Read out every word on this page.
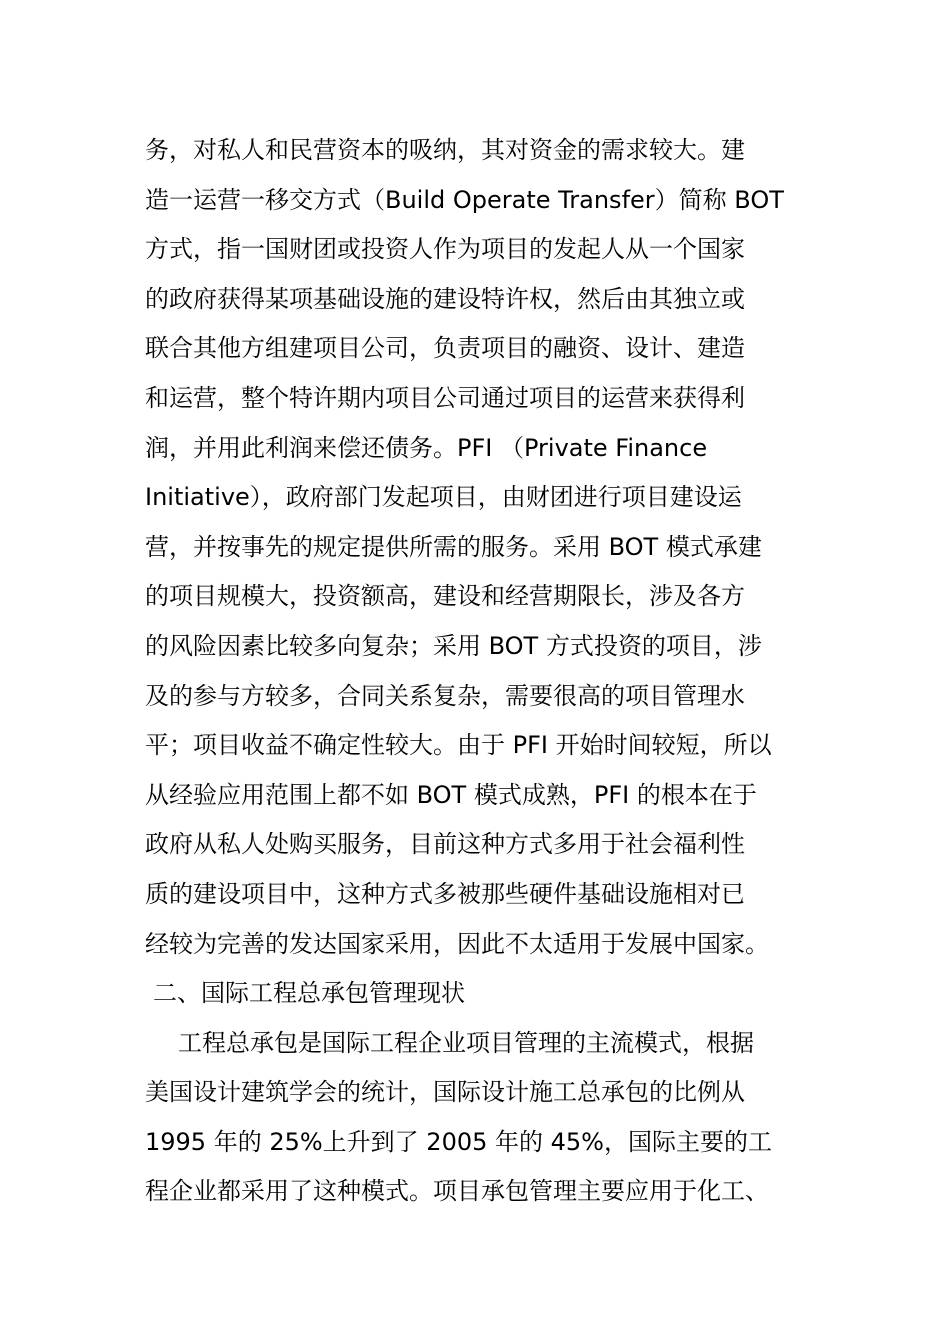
务，对私人和民营资本的吸纳，其对资金的需求较大。建
造一运营一移交方式（Build Operate Transfer）简称 BOT
方式，指一国财团或投资人作为项目的发起人从一个国家
的政府获得某项基础设施的建设特许权，然后由其独立或
联合其他方组建项目公司，负责项目的融资、设计、建造
和运营，整个特许期内项目公司通过项目的运营来获得利
润，并用此利润来偿还债务。PFI （Private Finance
Initiative），政府部门发起项目，由财团进行项目建设运
营，并按事先的规定提供所需的服务。采用 BOT 模式承建
的项目规模大，投资额高，建设和经营期限长，涉及各方
的风险因素比较多向复杂；采用 BOT 方式投资的项目，涉
及的参与方较多，合同关系复杂，需要很高的项目管理水
平；项目收益不确定性较大。由于 PFI 开始时间较短，所以
从经验应用范围上都不如 BOT 模式成熟，PFI 的根本在于
政府从私人处购买服务，目前这种方式多用于社会福利性
质的建设项目中，这种方式多被那些硬件基础设施相对已
经较为完善的发达国家采用，因此不太适用于发展中国家。
二、国际工程总承包管理现状
工程总承包是国际工程企业项目管理的主流模式，根据
美国设计建筑学会的统计，国际设计施工总承包的比例从
1995 年的 25%上升到了 2005 年的 45%，国际主要的工
程企业都采用了这种模式。项目承包管理主要应用于化工、
